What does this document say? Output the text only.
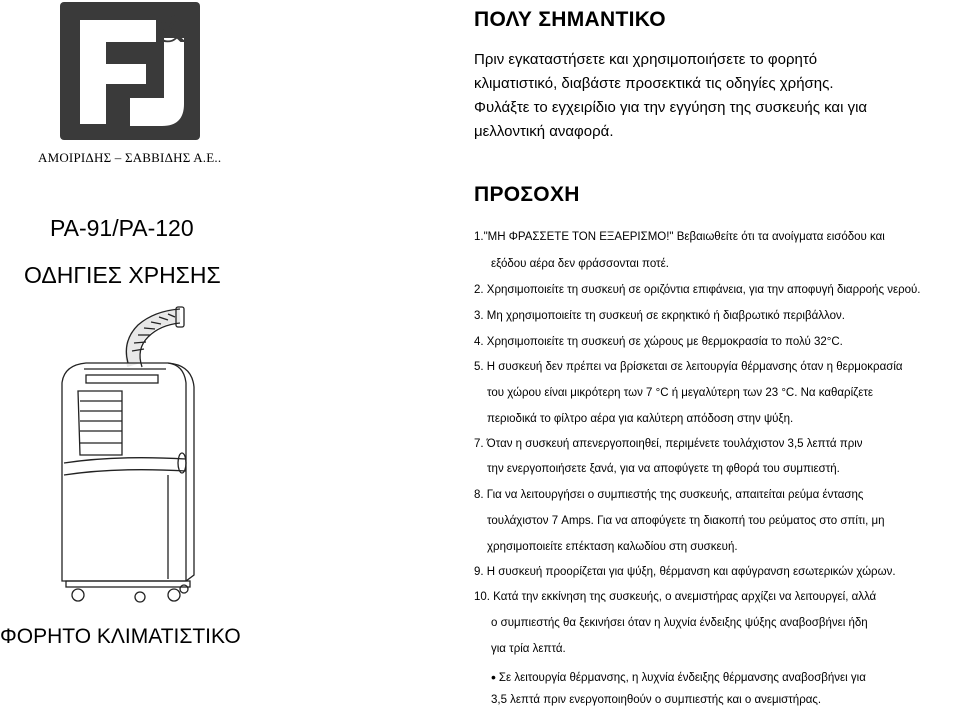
&
ΑΜΟΙΡΙΔΗΣ – ΣΑΒΒΙΔΗΣ Α.Ε..
PA-91/PA-120
ΟΔΗΓΙΕΣ ΧΡΗΣΗΣ
ΦΟΡΗΤΟ ΚΛΙΜΑΤΙΣΤΙΚΟ
ΠΟΛΥ ΣΗΜΑΝΤΙΚΟ
Πριν εγκαταστήσετε και χρησιμοποιήσετε το φορητό
κλιματιστικό, διαβάστε προσεκτικά τις οδηγίες χρήσης.
Φυλάξτε το εγχειρίδιο για την εγγύηση της συσκευής και για
μελλοντική αναφορά.
ΠΡΟΣΟΧΗ
1."ΜΗ ΦΡΑΣΣΕΤΕ ΤΟΝ ΕΞΑΕΡΙΣΜΟ!" Βεβαιωθείτε ότι τα ανοίγματα εισόδου και
εξόδου αέρα δεν φράσσονται ποτέ.
2. Χρησιμοποιείτε τη συσκευή σε οριζόντια επιφάνεια, για την αποφυγή διαρροής νερού.
3. Μη χρησιμοποιείτε τη συσκευή σε εκρηκτικό ή διαβρωτικό περιβάλλον.
4. Χρησιμοποιείτε τη συσκευή σε χώρους με θερμοκρασία το πολύ 32°C.
5. Η συσκευή δεν πρέπει να βρίσκεται σε λειτουργία θέρμανσης όταν η θερμοκρασία
του χώρου είναι μικρότερη των 7 °C ή μεγαλύτερη των 23 °C. Να καθαρίζετε
περιοδικά το φίλτρο αέρα για καλύτερη απόδοση στην ψύξη.
7. Όταν η συσκευή απενεργοποιηθεί, περιμένετε τουλάχιστον 3,5 λεπτά πριν
την ενεργοποιήσετε ξανά, για να αποφύγετε τη φθορά του συμπιεστή.
8. Για να λειτουργήσει ο συμπιεστής της συσκευής, απαιτείται ρεύμα έντασης
τουλάχιστον 7 Amps. Για να αποφύγετε τη διακοπή του ρεύματος στο σπίτι, μη
χρησιμοποιείτε επέκταση καλωδίου στη συσκευή.
9. Η συσκευή προορίζεται για ψύξη, θέρμανση και αφύγρανση εσωτερικών χώρων.
10. Κατά την εκκίνηση της συσκευής, ο ανεμιστήρας αρχίζει να λειτουργεί, αλλά
ο συμπιεστής θα ξεκινήσει όταν η λυχνία ένδειξης ψύξης αναβοσβήνει ήδη
για τρία λεπτά.
• Σε λειτουργία θέρμανσης, η λυχνία ένδειξης θέρμανσης αναβοσβήνει για
3,5 λεπτά πριν ενεργοποιηθούν ο συμπιεστής και ο ανεμιστήρας.
